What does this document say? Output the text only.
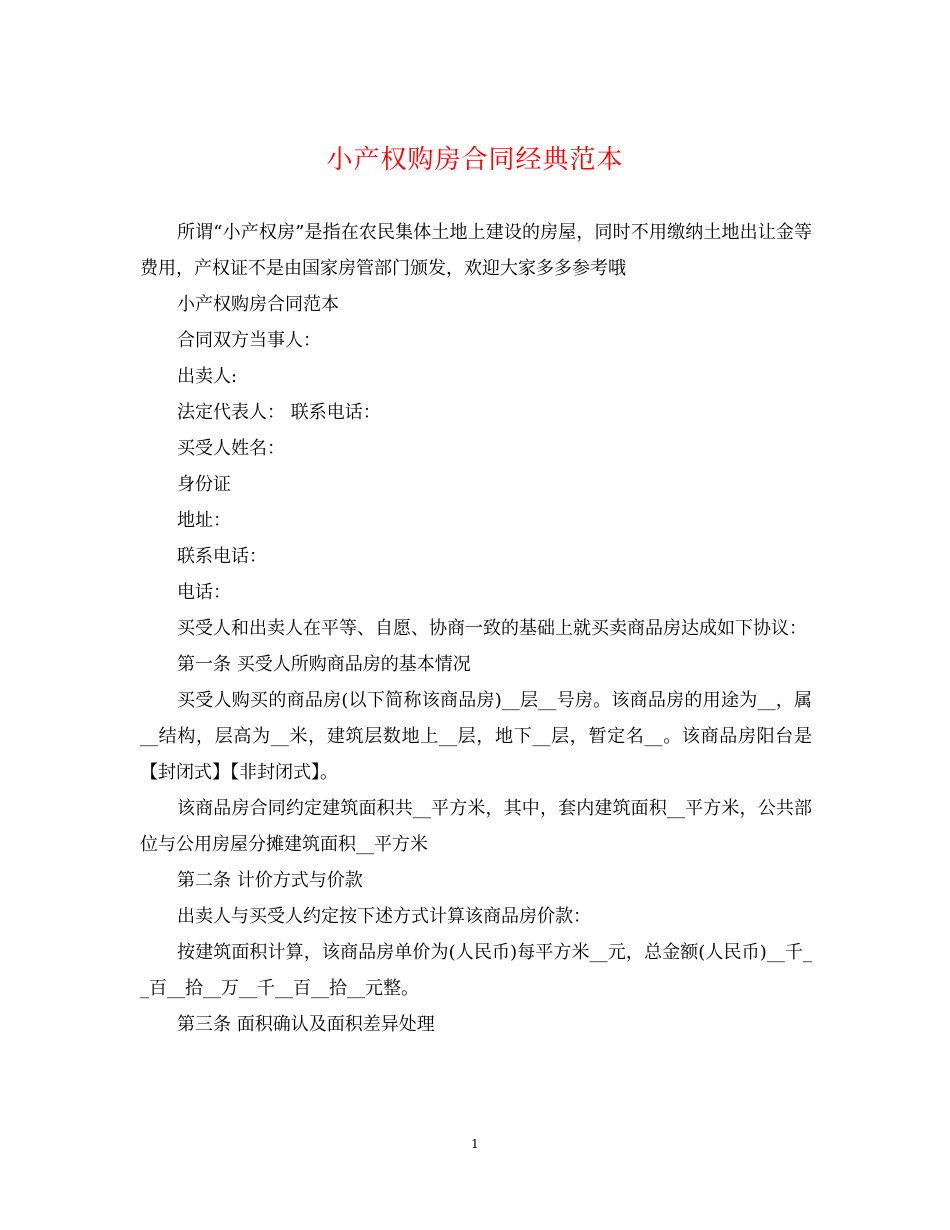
小产权购房合同经典范本

所谓“小产权房”是指在农民集体土地上建设的房屋，同时不用缴纳土地出让金等费用，产权证不是由国家房管部门颁发，欢迎大家多多参考哦

小产权购房合同范本

合同双方当事人：

出卖人:

法定代表人： 联系电话：

买受人姓名：

身份证

地址：

联系电话：

电话：

买受人和出卖人在平等、自愿、协商一致的基础上就买卖商品房达成如下协议：

第一条 买受人所购商品房的基本情况

买受人购买的商品房(以下简称该商品房)__层__号房。该商品房的用途为__，属__结构，层高为__米，建筑层数地上__层，地下__层，暂定名__。该商品房阳台是【封闭式】【非封闭式】。

该商品房合同约定建筑面积共__平方米，其中，套内建筑面积__平方米，公共部位与公用房屋分摊建筑面积__平方米

第二条 计价方式与价款

出卖人与买受人约定按下述方式计算该商品房价款：

按建筑面积计算，该商品房单价为(人民币)每平方米__元，总金额(人民币)__千__百__拾__万__千__百__拾__元整。

第三条 面积确认及面积差异处理

1
